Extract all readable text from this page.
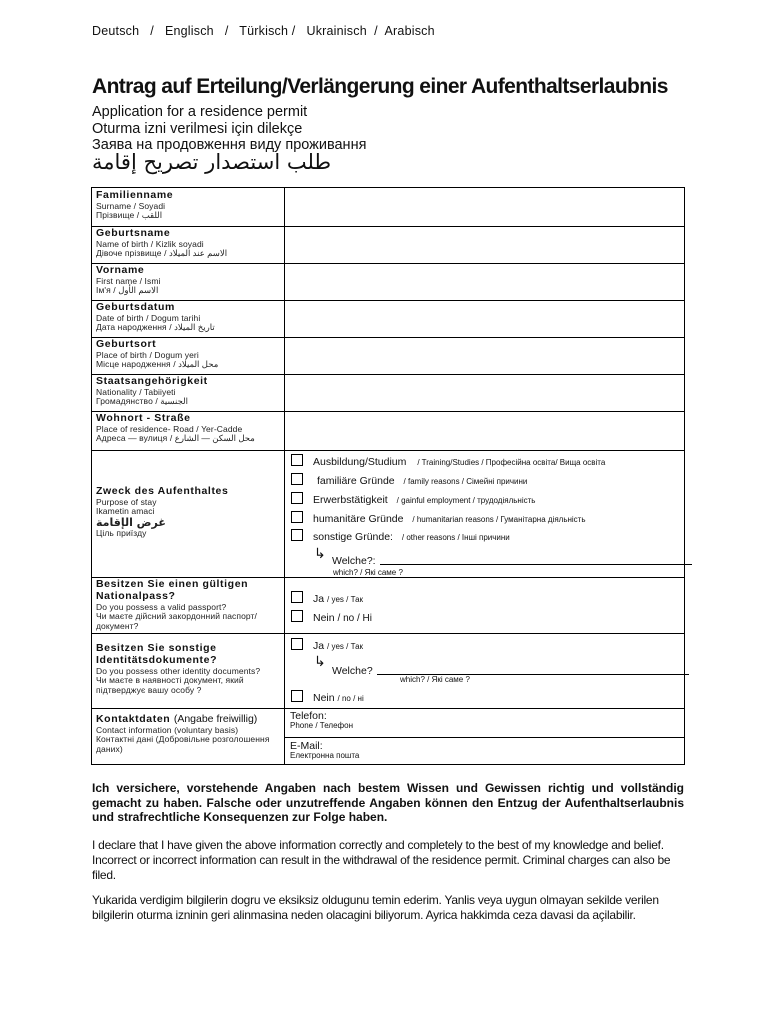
Deutsch   /   Englisch   /   Türkisch /   Ukrainisch  /  Arabisch
Antrag auf Erteilung/Verlängerung einer Aufenthaltserlaubnis
Application for a residence permit
Oturma izni verilmesi için dilekçe
Заява на продовження виду проживання
طلب استصدار تصريح إقامة
Familienname
Surname / Soyadi
Прізвище / اللقب
Geburtsname
Name of birth / Kizlik soyadi
Дівоче прізвище / الاسم عند الميلاد
Vorname
First name / Ismi
Ім'я / الاسم الأول
Geburtsdatum
Date of birth / Dogum tarihi
Дата народження / تاريخ الميلاد
Geburtsort
Place of birth / Dogum yeri
Місце народження / محل الميلاد
Staatsangehörigkeit
Nationality / Tabiiyeti
Громадянство / الجنسية
Wohnort - Straße
Place of residence- Road / Yer-Cadde
Адреса — вулиця / محل السكن — الشارع
Zweck des Aufenthaltes
Purpose of stay
Ikametin amaci
غرض الإقامة
Ціль приїзду
Ausbildung/Studium / Training/Studies / Професійна освіта/ Вища освіта
familiäre Gründe / family reasons / Сімейні причини
Erwerbstätigkeit / gainful employment / трудодіяльність
humanitäre Gründe / humanitarian reasons / Гуманітарна діяльність
sonstige Gründe: / other reasons / Інші причини
↳ Welche?:
which? / Які саме ?
Besitzen Sie einen gültigen
Nationalpass?
Do you possess a valid passport?
Чи маєте дійсний закордонний паспорт/
документ?
Ja / yes / Так
Nein / no / Ні
Besitzen Sie sonstige
Identitätsdokumente?
Do you possess other identity documents?
Чи маєте в наявності документ, який
підтверджує вашу особу ?
Ja / yes / Так
↳
Welche?
which? / Які саме ?
Nein / no / ні
Kontaktdaten (Angabe freiwillig)
Contact information (voluntary basis)
Контактні дані (Добровільне розголошення
даних)
Telefon:
Phone / Телефон
E-Mail:
Електронна пошта
Ich versichere, vorstehende Angaben nach bestem Wissen und Gewissen richtig und vollständig gemacht zu haben. Falsche oder unzutreffende Angaben können den Entzug der Aufenthaltserlaubnis und strafrechtliche Konsequenzen zur Folge haben.
I declare that I have given the above information correctly and completely to the best of my knowledge and belief. Incorrect or incorrect information can result in the withdrawal of the residence permit. Criminal charges can also be filed.
Yukarida verdigim bilgilerin dogru ve eksiksiz oldugunu temin ederim. Yanlis veya uygun olmayan sekilde verilen bilgilerin oturma izninin geri alinmasina neden olacagini biliyorum. Ayrica hakkimda ceza davasi da açilabilir.
